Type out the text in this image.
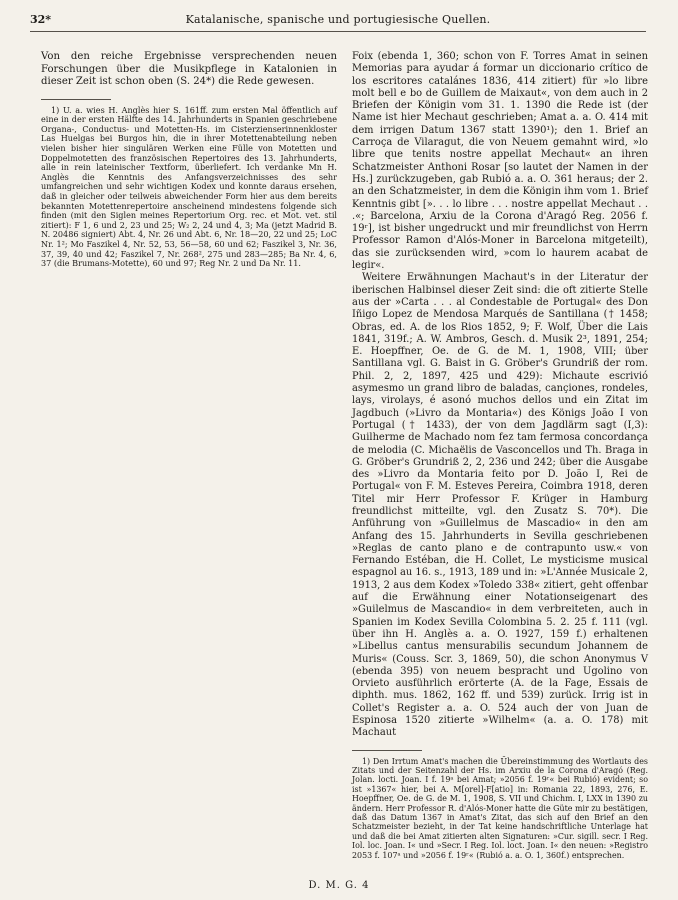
32*	Katalanische, spanische und portugiesische Quellen.

Von den reiche Ergebnisse versprechenden neuen Forschungen über die Musikpflege in Katalonien in dieser Zeit ist schon oben (S. 24*) die Rede gewesen.

1) U. a. wies H. Anglès hier S. 161ff. zum ersten Mal öffentlich auf eine in der ersten Hälfte des 14. Jahrhunderts in Spanien geschriebene Organa-, Conductus- und Motetten-Hs. im Cisterzienserinnenkloster Las Huelgas bei Burgos hin, die in ihrer Motettenabteilung neben vielen bisher hier singulären Werken eine Fülle von Motetten und Doppelmotetten des französischen Repertoires des 13. Jahrhunderts, alle in rein lateinischer Textform, überliefert. Ich verdanke Mn H. Anglès die Kenntnis des Anfangsverzeichnisses des sehr umfangreichen und sehr wichtigen Kodex und konnte daraus ersehen, daß in gleicher oder teilweis abweichender Form hier aus dem bereits bekannten Motettenrepertoire anscheinend mindestens folgende sich finden (mit den Siglen meines Repertorium Org. rec. et Mot. vet. stil zitiert): F 1, 6 und 2, 23 und 25; W₂ 2, 24 und 4, 3; Ma (jetzt Madrid B. N. 20486 signiert) Abt. 4, Nr. 26 und Abt. 6, Nr. 18—20, 22 und 25; LoC Nr. 1²; Mo Faszikel 4, Nr. 52, 53, 56—58, 60 und 62; Faszikel 3, Nr. 36, 37, 39, 40 und 42; Faszikel 7, Nr. 268², 275 und 283—285; Ba Nr. 4, 6, 37 (die Brumans-Motette), 60 und 97; Reg Nr. 2 und Da Nr. 11.

Foix (ebenda 1, 360; schon von F. Torres Amat in seinen Memorias para ayudar á formar un diccionario crítico de los escritores catalánes 1836, 414 zitiert) für »lo libre molt bell e bo de Guillem de Maixaut«, von dem auch in 2 Briefen der Königin vom 31. 1. 1390 die Rede ist (der Name ist hier Mechaut geschrieben; Amat a. a. O. 414 mit dem irrigen Datum 1367 statt 1390¹); den 1. Brief an Carroça de Vilaragut, die von Neuem gemahnt wird, »lo libre que tenits nostre appellat Mechaut« an ihren Schatzmeister Anthoni Rosar [so lautet der Namen in der Hs.] zurückzugeben, gab Rubió a. a. O. 361 heraus; der 2. an den Schatzmeister, in dem die Königin ihm vom 1. Brief Kenntnis gibt [». . . lo libre . . . nostre appellat Mechaut . . .«; Barcelona, Arxiu de la Corona d'Aragó Reg. 2056 f. 19ʳ], ist bisher ungedruckt und mir freundlichst von Herrn Professor Ramon d'Alós-Moner in Barcelona mitgeteilt), das sie zurücksenden wird, »com lo haurem acabat de legir«.

Weitere Erwähnungen Machaut's in der Literatur der iberischen Halbinsel dieser Zeit sind: die oft zitierte Stelle aus der »Carta . . . al Condestable de Portugal« des Don Iñigo Lopez de Mendosa Marqués de Santillana († 1458; Obras, ed. A. de los Rios 1852, 9; F. Wolf, Über die Lais 1841, 319f.; A. W. Ambros, Gesch. d. Musik 2³, 1891, 254; E. Hoepffner, Oe. de G. de M. 1, 1908, VIII; über Santillana vgl. G. Baist in G. Gröber's Grundriß der rom. Phil. 2, 2, 1897, 425 und 429): Michaute escrivió asymesmo un grand libro de baladas, cançiones, rondeles, lays, virolays, é asonó muchos dellos und ein Zitat im Jagdbuch (»Livro da Montaria«) des Königs João I von Portugal († 1433), der von dem Jagdlärm sagt (I,3): Guilherme de Machado nom fez tam fermosa concordança de melodia (C. Michaëlis de Vasconcellos und Th. Braga in G. Gröber's Grundriß 2, 2, 236 und 242; über die Ausgabe des »Livro da Montaria feito por D. João I, Rei de Portugal« von F. M. Esteves Pereira, Coimbra 1918, deren Titel mir Herr Professor F. Krüger in Hamburg freundlichst mitteilte, vgl. den Zusatz S. 70*). Die Anführung von »Guillelmus de Mascadio« in den am Anfang des 15. Jahrhunderts in Sevilla geschriebenen »Reglas de canto plano e de contrapunto usw.« von Fernando Estéban, die H. Collet, Le mysticisme musical espagnol au 16. s., 1913, 189 und in: »L'Année Musicale 2, 1913, 2 aus dem Kodex »Toledo 338« zitiert, geht offenbar auf die Erwähnung einer Notationseigenart des »Guilelmus de Mascandio« in dem verbreiteten, auch in Spanien im Kodex Sevilla Colombina 5. 2. 25 f. 111 (vgl. über ihn H. Anglès a. a. O. 1927, 159 f.) erhaltenen »Libellus cantus mensurabilis secundum Johannem de Muris« (Couss. Scr. 3, 1869, 50), die schon Anonymus V (ebenda 395) von neuem bespracht und Ugolino von Orvieto ausführlich erörterte (A. de la Fage, Essais de diphth. mus. 1862, 162 ff. und 539) zurück. Irrig ist in Collet's Register a. a. O. 524 auch der von Juan de Espinosa 1520 zitierte »Wilhelm« (a. a. O. 178) mit Machaut

1) Den Irrtum Amat's machen die Übereinstimmung des Wortlauts des Zitats und der Seitenzahl der Hs. im Arxiu de la Corona d'Aragó (Reg. Jolan. locti. Joan. I f. 19ᵃ bei Amat; »2056 f. 19ʳ« bei Rubió) evident; so ist »1367« hier, bei A. M[orel]-F[atio] in: Romania 22, 1893, 276, E. Hoepffner, Oe. de G. de M. 1, 1908, S. VII und Chichm. I, LXX in 1390 zu ändern. Herr Professor R. d'Alós-Moner hatte die Güte mir zu bestätigen, daß das Datum 1367 in Amat's Zitat, das sich auf den Brief an den Schatzmeister bezieht, in der Tat keine handschriftliche Unterlage hat und daß die bei Amat zitierten alten Signaturen: »Cur. sigill. secr. I Reg. Iol. loc. Joan. I« und »Secr. I Reg. Iol. loct. Joan. I« den neuen: »Registro 2053 f. 107ᵃ und »2056 f. 19ʳ« (Rubió a. a. O. 1, 360f.) entsprechen.

D. M. G. 4
